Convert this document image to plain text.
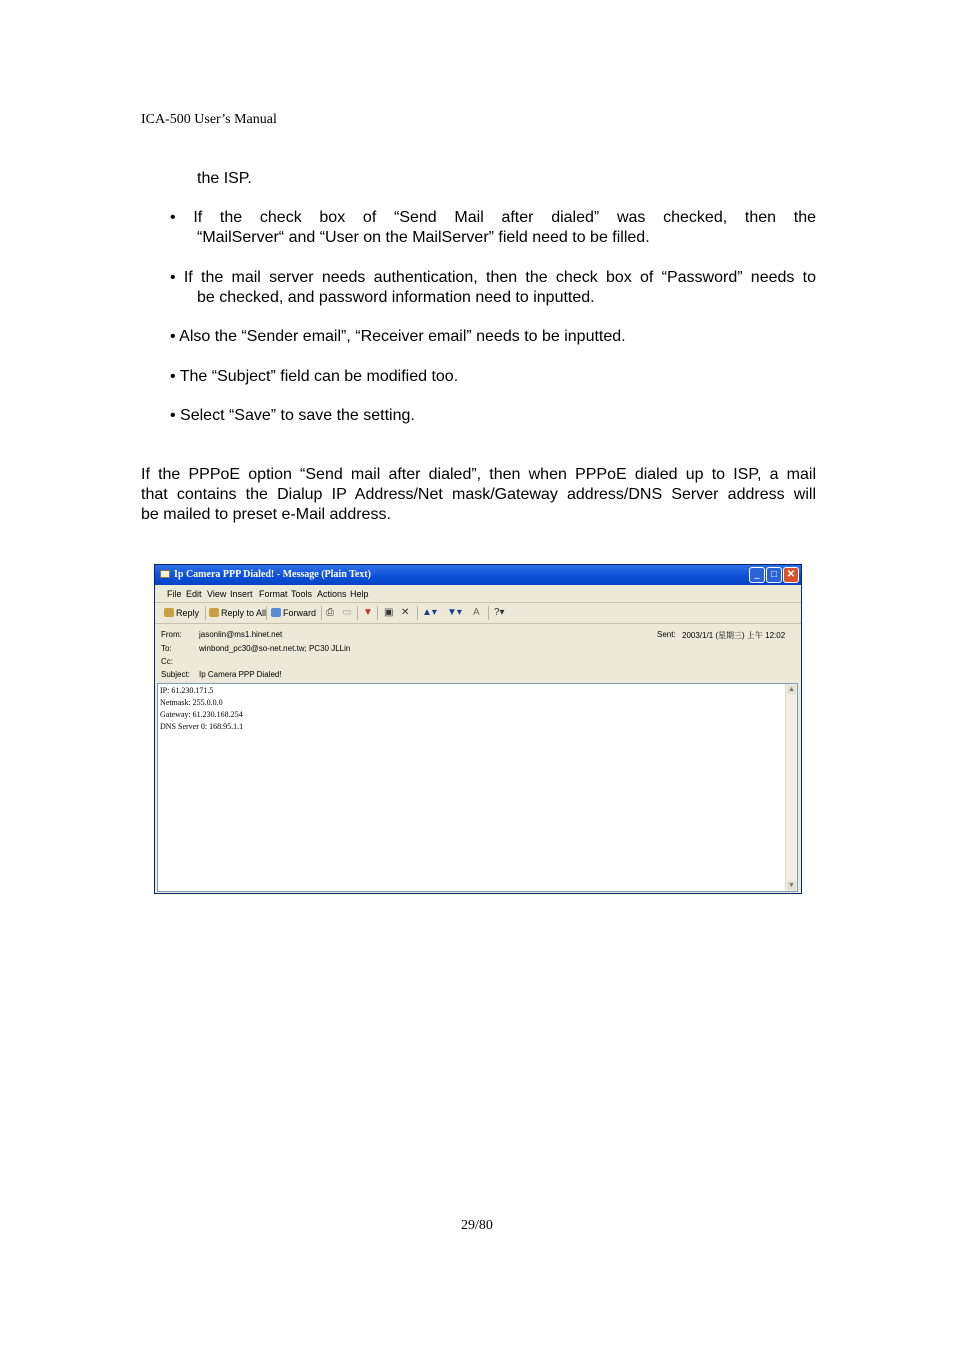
ICA-500 User’s Manual
the ISP.
• If the check box of “Send Mail after dialed” was checked, then the
“MailServer“ and “User on the MailServer” field need to be filled.
• If the mail server needs authentication, then the check box of “Password” needs to
be checked, and password information need to inputted.
• Also the “Sender email”, “Receiver email” needs to be inputted.
• The “Subject” field can be modified too.
• Select “Save” to save the setting.
If the PPPoE option “Send mail after dialed”, then when PPPoE dialed up to ISP, a mail
that contains the Dialup IP Address/Net mask/Gateway address/DNS Server address will
be mailed to preset e-Mail address.
Ip Camera PPP Dialed! - Message (Plain Text)	_	□ ✕
File Edit View Insert Format Tools Actions Help
Reply	Reply to All	Forward ⎙ ▭ ▼ ▣ ✕ ▲▾ ▼▾ A ?▾
From: jasonlin@ms1.hinet.net
To:	winbond_pc30@so-net.net.tw; PC30 JLLin
Cc:
Subject: Ip Camera PPP Dialed!
Sent: 2003/1/1 (星期三) 上午 12:02
IP: 61.230.171.5
Netmask: 255.0.0.0
Gateway: 61.230.168.254
DNS Server 0: 168.95.1.1
▲
▼
29/80
